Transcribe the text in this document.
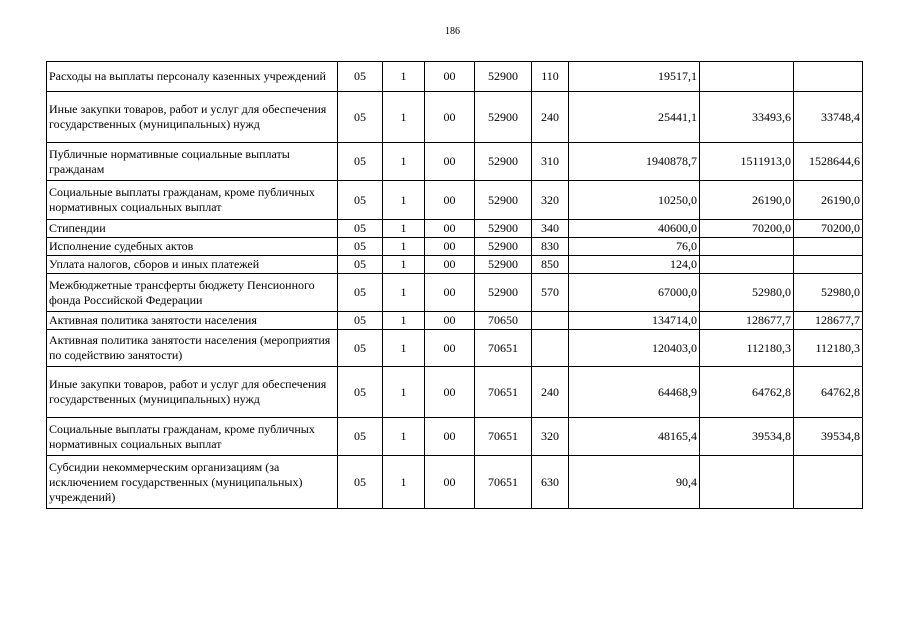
186
Расходы на выплаты персоналу казенных учреждений	05	1	00	52900	110	19517,1		
Иные закупки товаров, работ и услуг для обеспечения государственных (муниципальных) нужд	05	1	00	52900	240	25441,1	33493,6	33748,4
Публичные нормативные социальные выплаты гражданам	05	1	00	52900	310	1940878,7	1511913,0	1528644,6
Социальные выплаты гражданам, кроме публичных нормативных социальных выплат	05	1	00	52900	320	10250,0	26190,0	26190,0
Стипендии	05	1	00	52900	340	40600,0	70200,0	70200,0
Исполнение судебных актов	05	1	00	52900	830	76,0		
Уплата налогов, сборов и иных платежей	05	1	00	52900	850	124,0		
Межбюджетные трансферты бюджету Пенсионного фонда Российской Федерации	05	1	00	52900	570	67000,0	52980,0	52980,0
Активная политика занятости населения	05	1	00	70650		134714,0	128677,7	128677,7
Активная политика занятости населения (мероприятия по содействию занятости)	05	1	00	70651		120403,0	112180,3	112180,3
Иные закупки товаров, работ и услуг для обеспечения государственных (муниципальных) нужд	05	1	00	70651	240	64468,9	64762,8	64762,8
Социальные выплаты гражданам, кроме публичных нормативных социальных выплат	05	1	00	70651	320	48165,4	39534,8	39534,8
Субсидии некоммерческим организациям (за исключением государственных (муниципальных) учреждений)	05	1	00	70651	630	90,4		
